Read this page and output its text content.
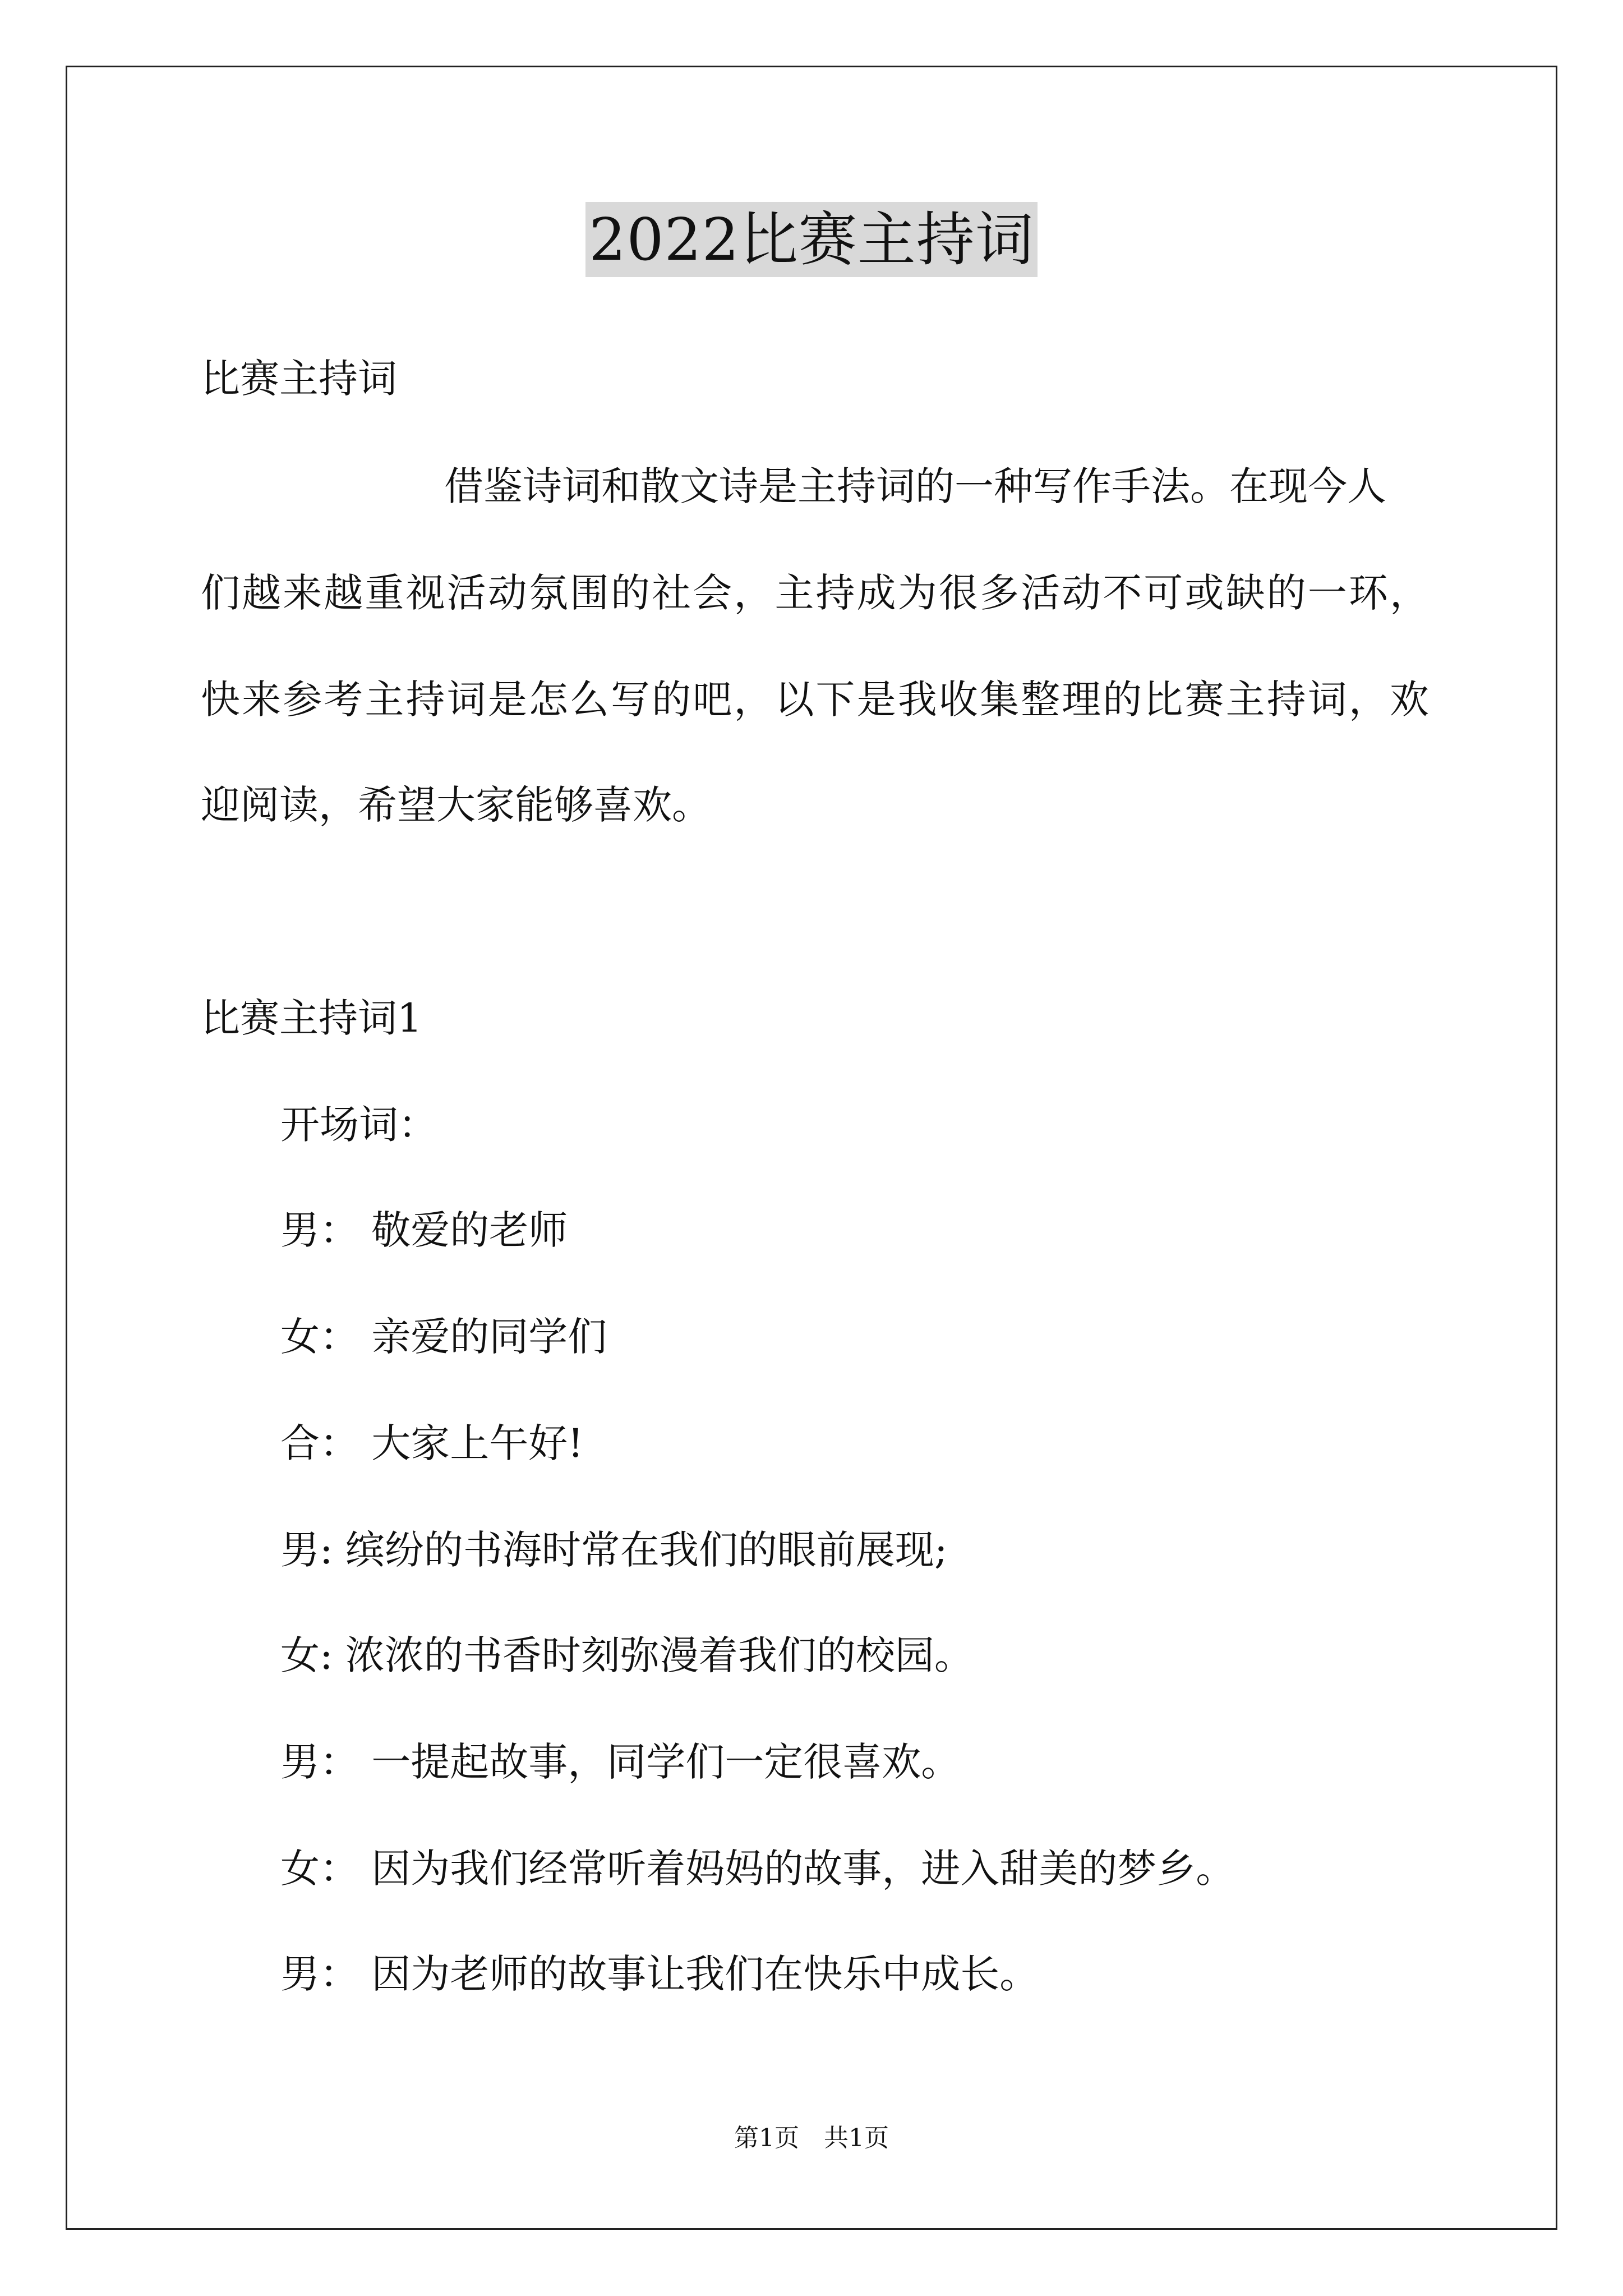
2022比赛主持词
比赛主持词
借鉴诗词和散文诗是主持词的一种写作手法。在现今人
们越来越重视活动氛围的社会，主持成为很多活动不可或缺的一环，
快来参考主持词是怎么写的吧，以下是我收集整理的比赛主持词，欢
迎阅读，希望大家能够喜欢。
比赛主持词1
开场词：
男： 敬爱的老师
女： 亲爱的同学们
合： 大家上午好!
男: 缤纷的书海时常在我们的眼前展现;
女: 浓浓的书香时刻弥漫着我们的校园。
男： 一提起故事，同学们一定很喜欢。
女： 因为我们经常听着妈妈的故事，进入甜美的梦乡。
男： 因为老师的故事让我们在快乐中成长。
第1页　共1页
